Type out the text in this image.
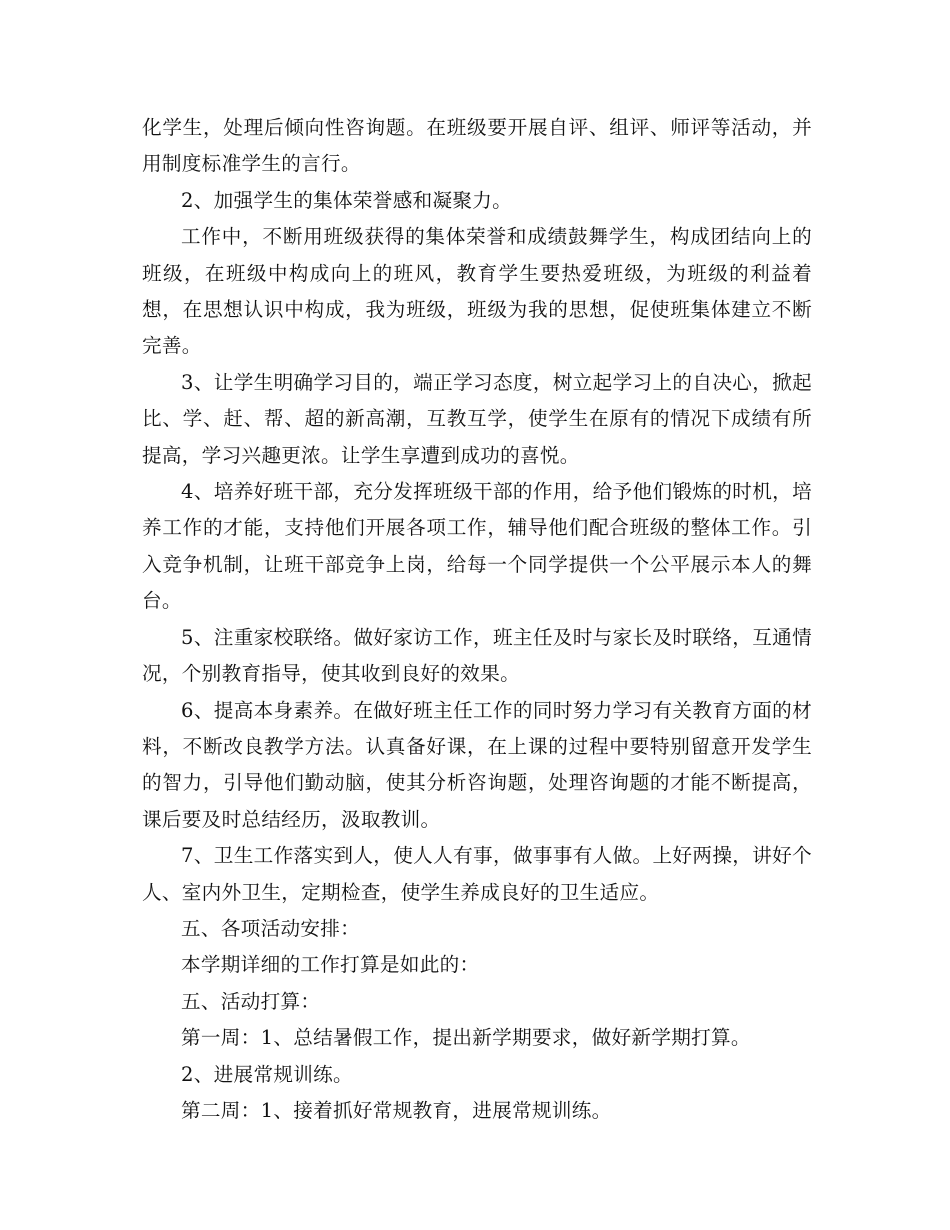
化学生，处理后倾向性咨询题。在班级要开展自评、组评、师评等活动，并用制度标准学生的言行。

2、加强学生的集体荣誉感和凝聚力。

工作中，不断用班级获得的集体荣誉和成绩鼓舞学生，构成团结向上的班级，在班级中构成向上的班风，教育学生要热爱班级，为班级的利益着想，在思想认识中构成，我为班级，班级为我的思想，促使班集体建立不断完善。

3、让学生明确学习目的，端正学习态度，树立起学习上的自决心，掀起比、学、赶、帮、超的新高潮，互教互学，使学生在原有的情况下成绩有所提高，学习兴趣更浓。让学生享遭到成功的喜悦。

4、培养好班干部，充分发挥班级干部的作用，给予他们锻炼的时机，培养工作的才能，支持他们开展各项工作，辅导他们配合班级的整体工作。引入竞争机制，让班干部竞争上岗，给每一个同学提供一个公平展示本人的舞台。

5、注重家校联络。做好家访工作，班主任及时与家长及时联络，互通情况，个别教育指导，使其收到良好的效果。

6、提高本身素养。在做好班主任工作的同时努力学习有关教育方面的材料，不断改良教学方法。认真备好课，在上课的过程中要特别留意开发学生的智力，引导他们勤动脑，使其分析咨询题，处理咨询题的才能不断提高，课后要及时总结经历，汲取教训。

7、卫生工作落实到人，使人人有事，做事事有人做。上好两操，讲好个人、室内外卫生，定期检查，使学生养成良好的卫生适应。

五、各项活动安排：

本学期详细的工作打算是如此的：

五、活动打算：

第一周：1、总结暑假工作，提出新学期要求，做好新学期打算。

2、进展常规训练。

第二周：1、接着抓好常规教育，进展常规训练。
